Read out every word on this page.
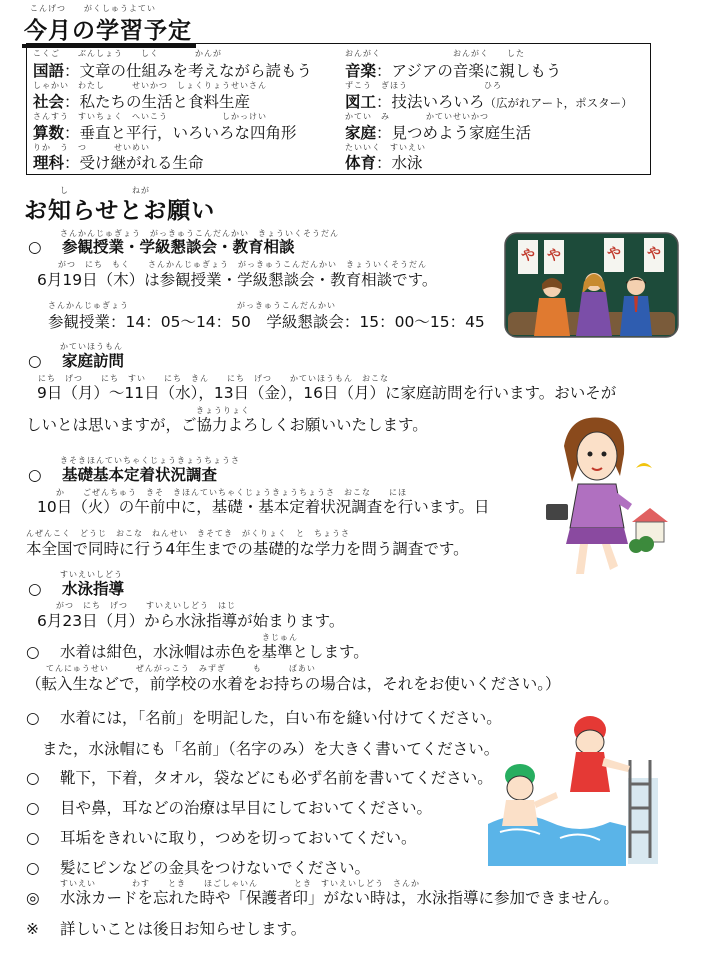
こんげつ　　がくしゅうよてい
今月の学習予定
こくご　　ぶんしょう　　しく　　　　かんが
国語：文章の仕組みを考えながら読もう
おんがく　　　　　　　　おんがく　　した
音楽：アジアの音楽に親しもう
しゃかい　わたし　　　せいかつ　しょくりょうせいさん
社会：私たちの生活と食料生産
ずこう　ぎほう	ひろ
図工：技法いろいろ（広がれアート，ポスター）
さんすう　すいちょく　へいこう　　　　　　しかっけい
算数：垂直と平行，いろいろな四角形
かてい　み　　　　かていせいかつ
家庭：見つめよう家庭生活
りか　う　つ　　　せいめい
理科：受け継がれる生命
たいいく　すいえい
体育：水泳
し　　　　　　　ねが
お知らせとお願い
さんかんじゅぎょう　がっきゅうこんだんかい　きょういくそうだん
○ 参観授業・学級懇談会・教育相談
がつ　にち　もく　　さんかんじゅぎょう　がっきゅうこんだんかい　きょういくそうだん
6月19日（木）は参観授業・学級懇談会・教育相談です。
さんかんじゅぎょう　　　　　　　　　　　　がっきゅうこんだんかい
参観授業：14：05～14：50　学級懇談会：15：00～15：45
かていほうもん
○ 家庭訪問
にち　げつ　　にち　すい　　にち　きん　　にち　げつ　　かていほうもん　おこな
9日（月）～11日（水），13日（金），16日（月）に家庭訪問を行います。おいそが
きょうりょく
しいとは思いますが，ご協力よろしくお願いいたします。
きそきほんていちゃくじょうきょうちょうさ
○ 基礎基本定着状況調査
か　　ごぜんちゅう　きそ　きほんていちゃくじょうきょうちょうさ　おこな　　にほ
10日（火）の午前中に，基礎・基本定着状況調査を行います。日
んぜんこく　どうじ　おこな　ねんせい　きそてき　がくりょく　と　ちょうさ
本全国で同時に行う4年生までの基礎的な学力を問う調査です。
すいえいしどう
○ 水泳指導
がつ　にち　げつ　　すいえいしどう　はじ
6月23日（月）から水泳指導が始まります。
きじゅん
○ 水着は紺色，水泳帽は赤色を基準とします。
てんにゅうせい　　　ぜんがっこう　みずぎ　　　も　　　ばあい
（転入生などで，前学校の水着をお持ちの場合は，それをお使いください。）
○ 水着には，「名前」を明記した，白い布を縫い付けてください。
また，水泳帽にも「名前」（名字のみ）を大きく書いてください。
○ 靴下，下着，タオル，袋などにも必ず名前を書いてください。
○ 目や鼻，耳などの治療は早目にしておいてください。
○ 耳垢をきれいに取り，つめを切っておいてくだい。
○ 髪にピンなどの金具をつけないでください。
すいえい　　　　わす　　とき　　ほごしゃいん　　　　とき　すいえいしどう　さんか
◎ 水泳カードを忘れた時や「保護者印」がない時は，水泳指導に参加できません。
※ 詳しいことは後日お知らせします。
や や	や や
